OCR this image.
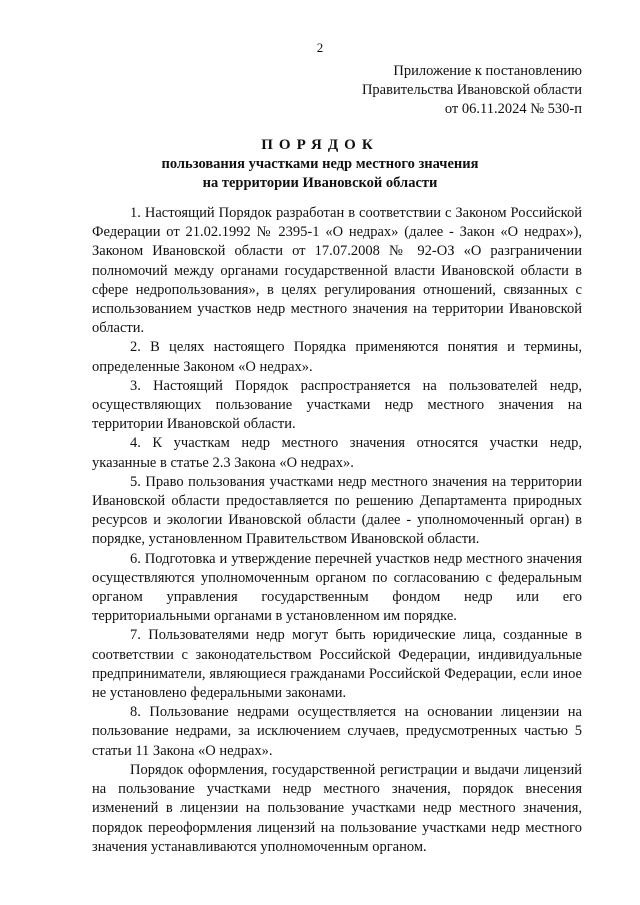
2
Приложение к постановлению
Правительства Ивановской области
от 06.11.2024 № 530-п
ПОРЯДОК
пользования участками недр местного значения
на территории Ивановской области

1. Настоящий Порядок разработан в соответствии с Законом Российской Федерации от 21.02.1992 № 2395-1 «О недрах» (далее - Закон «О недрах»), Законом Ивановской области от 17.07.2008 № 92-ОЗ «О разграничении полномочий между органами государственной власти Ивановской области в сфере недропользования», в целях регулирования отношений, связанных с использованием участков недр местного значения на территории Ивановской области.

2. В целях настоящего Порядка применяются понятия и термины, определенные Законом «О недрах».

3. Настоящий Порядок распространяется на пользователей недр, осуществляющих пользование участками недр местного значения на территории Ивановской области.

4. К участкам недр местного значения относятся участки недр, указанные в статье 2.3 Закона «О недрах».

5. Право пользования участками недр местного значения на территории Ивановской области предоставляется по решению Департамента природных ресурсов и экологии Ивановской области (далее - уполномоченный орган) в порядке, установленном Правительством Ивановской области.

6. Подготовка и утверждение перечней участков недр местного значения осуществляются уполномоченным органом по согласованию с федеральным органом управления государственным фондом недр или его территориальными органами в установленном им порядке.

7. Пользователями недр могут быть юридические лица, созданные в соответствии с законодательством Российской Федерации, индивидуальные предприниматели, являющиеся гражданами Российской Федерации, если иное не установлено федеральными законами.

8. Пользование недрами осуществляется на основании лицензии на пользование недрами, за исключением случаев, предусмотренных частью 5 статьи 11 Закона «О недрах».

Порядок оформления, государственной регистрации и выдачи лицензий на пользование участками недр местного значения, порядок внесения изменений в лицензии на пользование участками недр местного значения, порядок переоформления лицензий на пользование участками недр местного значения устанавливаются уполномоченным органом.
